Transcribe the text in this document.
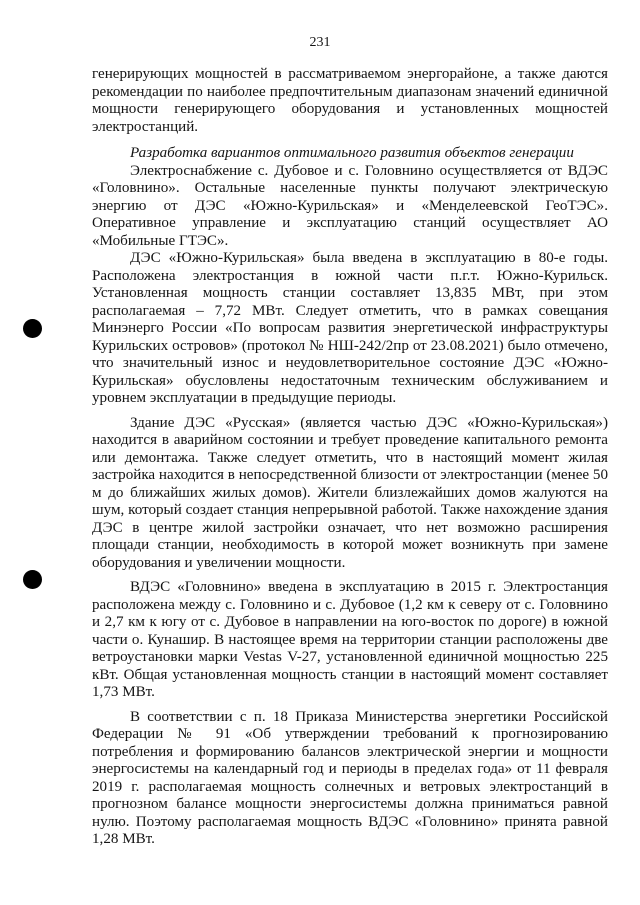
231

генерирующих мощностей в рассматриваемом энергорайоне, а также даются рекомендации по наиболее предпочтительным диапазонам значений единичной мощности генерирующего оборудования и установленных мощностей электростанций.

Разработка вариантов оптимального развития объектов генерации

Электроснабжение с. Дубовое и с. Головнино осуществляется от ВДЭС «Головнино». Остальные населенные пункты получают электрическую энергию от ДЭС «Южно-Курильская» и «Менделеевской ГеоТЭС». Оперативное управление и эксплуатацию станций осуществляет АО «Мобильные ГТЭС».

ДЭС «Южно-Курильская» была введена в эксплуатацию в 80-е годы. Расположена электростанция в южной части п.г.т. Южно-Курильск. Установленная мощность станции составляет 13,835 МВт, при этом располагаемая – 7,72 МВт. Следует отметить, что в рамках совещания Минэнерго России «По вопросам развития энергетической инфраструктуры Курильских островов» (протокол № НШ-242/2пр от 23.08.2021) было отмечено, что значительный износ и неудовлетворительное состояние ДЭС «Южно-Курильская» обусловлены недостаточным техническим обслуживанием и уровнем эксплуатации в предыдущие периоды.

Здание ДЭС «Русская» (является частью ДЭС «Южно-Курильская») находится в аварийном состоянии и требует проведение капитального ремонта или демонтажа. Также следует отметить, что в настоящий момент жилая застройка находится в непосредственной близости от электростанции (менее 50 м до ближайших жилых домов). Жители близлежайших домов жалуются на шум, который создает станция непрерывной работой. Также нахождение здания ДЭС в центре жилой застройки означает, что нет возможно расширения площади станции, необходимость в которой может возникнуть при замене оборудования и увеличении мощности.

ВДЭС «Головнино» введена в эксплуатацию в 2015 г. Электростанция расположена между с. Головнино и с. Дубовое (1,2 км к северу от с. Головнино и 2,7 км к югу от с. Дубовое в направлении на юго-восток по дороге) в южной части о. Кунашир. В настоящее время на территории станции расположены две ветроустановки марки Vestas V-27, установленной единичной мощностью 225 кВт. Общая установленная мощность станции в настоящий момент составляет 1,73 МВт.

В соответствии с п. 18 Приказа Министерства энергетики Российской Федерации № 91 «Об утверждении требований к прогнозированию потребления и формированию балансов электрической энергии и мощности энергосистемы на календарный год и периоды в пределах года» от 11 февраля 2019 г. располагаемая мощность солнечных и ветровых электростанций в прогнозном балансе мощности энергосистемы должна приниматься равной нулю. Поэтому располагаемая мощность ВДЭС «Головнино» принята равной 1,28 МВт.
